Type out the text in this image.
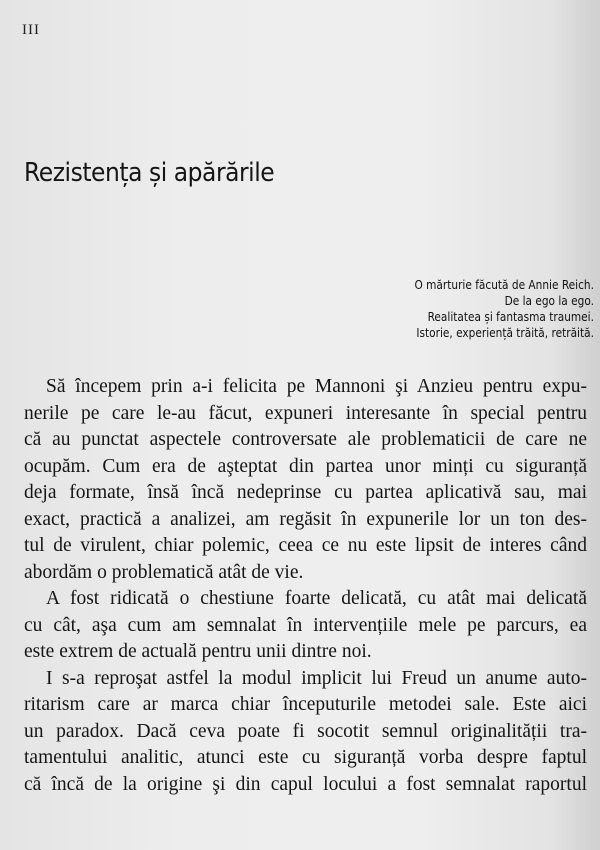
III
Rezistența și apărările
O mărturie făcută de Annie Reich.
De la ego la ego.
Realitatea și fantasma traumei.
Istorie, experiență trăită, retrăită.
Să începem prin a-i felicita pe Mannoni şi Anzieu pentru expu-
nerile pe care le-au făcut, expuneri interesante în special pentru
că au punctat aspectele controversate ale problematicii de care ne
ocupăm. Cum era de aşteptat din partea unor minți cu siguranță
deja formate, însă încă nedeprinse cu partea aplicativă sau, mai
exact, practică a analizei, am regăsit în expunerile lor un ton des-
tul de virulent, chiar polemic, ceea ce nu este lipsit de interes când
abordăm o problematică atât de vie.
A fost ridicată o chestiune foarte delicată, cu atât mai delicată
cu cât, aşa cum am semnalat în intervențiile mele pe parcurs, ea
este extrem de actuală pentru unii dintre noi.
I s-a reproşat astfel la modul implicit lui Freud un anume auto-
ritarism care ar marca chiar începuturile metodei sale. Este aici
un paradox. Dacă ceva poate fi socotit semnul originalității tra-
tamentului analitic, atunci este cu siguranță vorba despre faptul
că încă de la origine şi din capul locului a fost semnalat raportul
